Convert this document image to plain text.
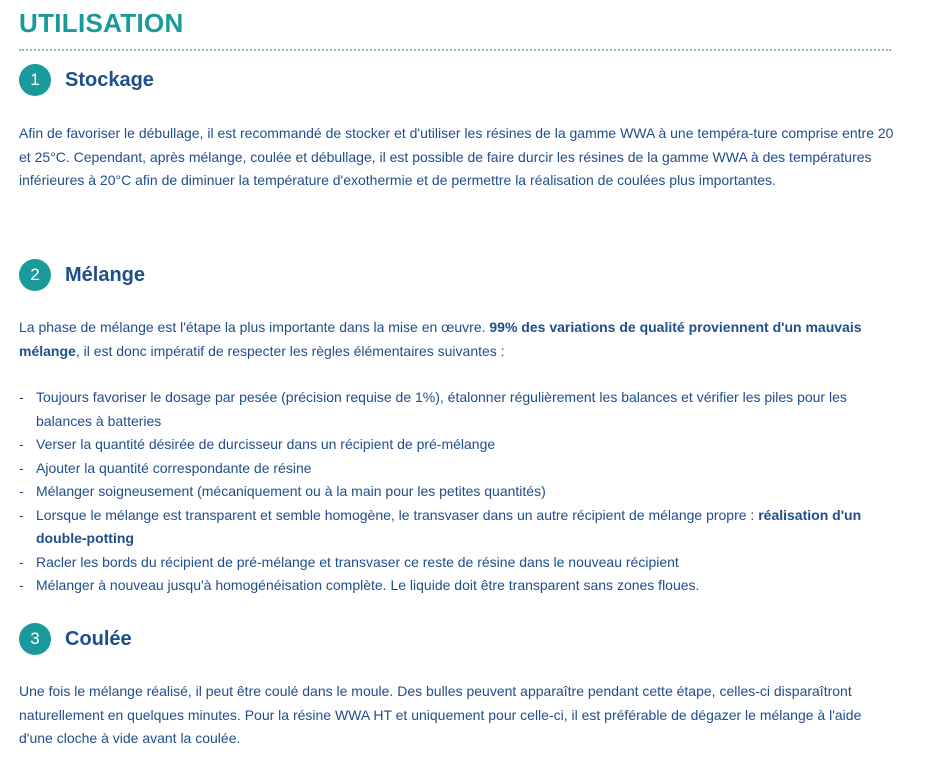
UTILISATION
1	Stockage
Afin de favoriser le débullage, il est recommandé de stocker et d'utiliser les résines de la gamme WWA à une tempéra-ture comprise entre 20 et 25°C. Cependant, après mélange, coulée et débullage, il est possible de faire durcir les résines de la gamme WWA à des températures inférieures à 20°C afin de diminuer la température d'exothermie et de permettre la réalisation de coulées plus importantes.
2	Mélange
La phase de mélange est l'étape la plus importante dans la mise en œuvre. 99% des variations de qualité proviennent d'un mauvais mélange, il est donc impératif de respecter les règles élémentaires suivantes :
- Toujours favoriser le dosage par pesée (précision requise de 1%), étalonner régulièrement les balances et vérifier les piles pour les balances à batteries
- Verser la quantité désirée de durcisseur dans un récipient de pré-mélange
- Ajouter la quantité correspondante de résine
- Mélanger soigneusement (mécaniquement ou à la main pour les petites quantités)
- Lorsque le mélange est transparent et semble homogène, le transvaser dans un autre récipient de mélange propre : réalisation d'un double-potting
- Racler les bords du récipient de pré-mélange et transvaser ce reste de résine dans le nouveau récipient
- Mélanger à nouveau jusqu'à homogénéisation complète. Le liquide doit être transparent sans zones floues.
3	Coulée
Une fois le mélange réalisé, il peut être coulé dans le moule. Des bulles peuvent apparaître pendant cette étape, celles-ci disparaîtront naturellement en quelques minutes. Pour la résine WWA HT et uniquement pour celle-ci, il est préférable de dégazer le mélange à l'aide d'une cloche à vide avant la coulée.
